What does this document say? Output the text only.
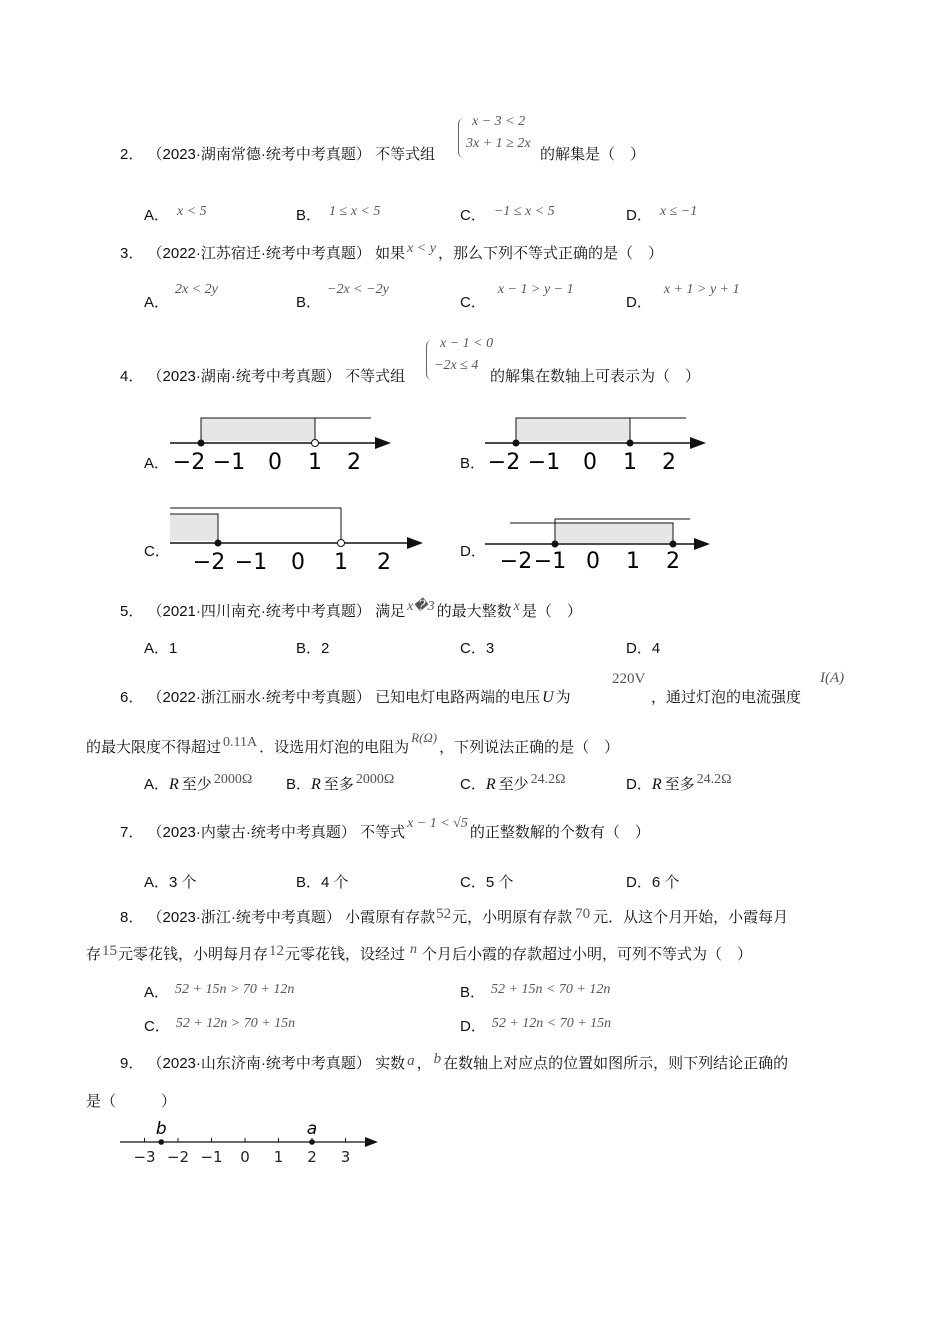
2． （2023·湖南常德·统考中考真题） 不等式组
x − 3 < 2
3x + 1 ≥ 2x
的解集是（　）
A． x < 5	B． 1 ≤ x < 5	C． −1 ≤ x < 5	D． x ≤ −1
3． （2022·江苏宿迁·统考中考真题） 如果 x < y ，那么下列不等式正确的是（　）
A．2x < 2y
B．−2x < −2y
C．x − 1 > y − 1
D．x + 1 > y + 1
4． （2023·湖南·统考中考真题） 不等式组
x − 1 < 0
−2x ≤ 4
的解集在数轴上可表示为（　）
A． −2 −1 0 1 2	B． −2 −1 0 1 2
C． −2 −1 0 1 2	D． −2 −1 0 1 2
5． （2021·四川南充·统考中考真题） 满足 x�3 的最大整数 x 是（　）
A．1	B．2	C．3	D．4
6． （2022·浙江丽水·统考中考真题） 已知电灯电路两端的电压 U 为
220V
，通过灯泡的电流强度
I(A)
的最大限度不得超过 0.11A ．设选用灯泡的电阻为R(Ω)，下列说法正确的是（　）
A．R 至少 2000Ω B．R 至多 2000Ω	C．R 至少 24.2Ω	D．R 至多 24.2Ω
7． （2023·内蒙古·统考中考真题） 不等式x − 1 < √5的正整数解的个数有（　）
A．3 个	B．4 个	C．5 个	D．6 个
8． （2023·浙江·统考中考真题） 小霞原有存款52元，小明原有存款 70 元．从这个月开始，小霞每月
存15元零花钱，小明每月存12元零花钱，设经过 n 个月后小霞的存款超过小明，可列不等式为（　）
A． 52 + 15n > 70 + 12n	B． 52 + 15n < 70 + 12n
C． 52 + 12n > 70 + 15n	D． 52 + 12n < 70 + 15n
9． （2023·山东济南·统考中考真题） 实数 a ， b 在数轴上对应点的位置如图所示，则下列结论正确的
是（　　　）
−3 −2 −1 0 1 2 3
b	a
